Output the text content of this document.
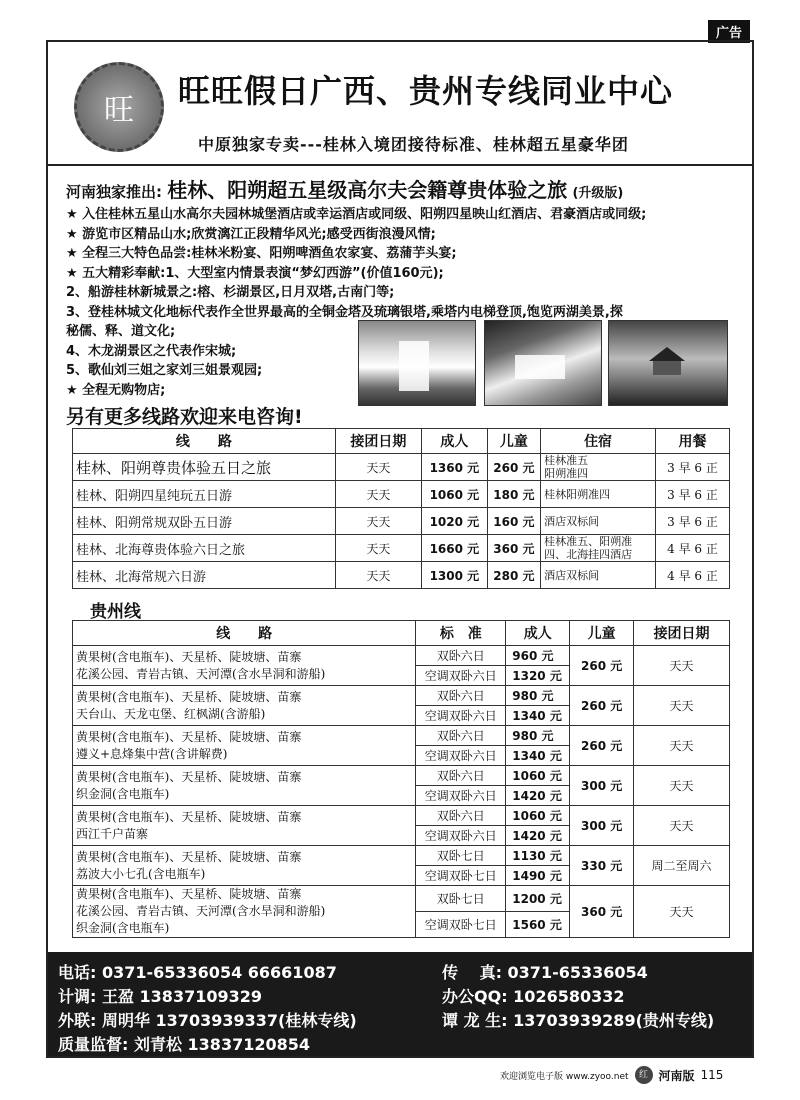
广告
旺
旺旺假日广西、贵州专线同业中心
中原独家专卖---桂林入境团接待标准、桂林超五星豪华团
河南独家推出: 桂林、阳朔超五星级高尔夫会籍尊贵体验之旅 (升级版)
★ 入住桂林五星山水高尔夫园林城堡酒店或幸运酒店或同级、阳朔四星映山红酒店、君豪酒店或同级;
★ 游览市区精品山水;欣赏漓江正段精华风光;感受西街浪漫风情;
★ 全程三大特色品尝:桂林米粉宴、阳朔啤酒鱼农家宴、荔蒲芋头宴;
★ 五大精彩奉献:1、大型室内情景表演“梦幻西游”(价值160元);
2、船游桂林新城景之:榕、杉湖景区,日月双塔,古南门等;
3、登桂林城文化地标代表作全世界最高的全铜金塔及琉璃银塔,乘塔内电梯登顶,饱览两湖美景,探
秘儒、释、道文化;
4、木龙湖景区之代表作宋城;
5、歌仙刘三姐之家刘三姐景观园;
★ 全程无购物店;
另有更多线路欢迎来电咨询!
线　　路	接团日期	成人	儿童	住宿	用餐
桂林、阳朔尊贵体验五日之旅	天天	1360 元	260 元	桂林准五
阳朔准四	3 早 6 正
桂林、阳朔四星纯玩五日游	天天	1060 元	180 元	桂林阳朔准四	3 早 6 正
桂林、阳朔常规双卧五日游	天天	1020 元	160 元	酒店双标间	3 早 6 正
桂林、北海尊贵体验六日之旅	天天	1660 元	360 元	桂林准五、阳朔准四、北海挂四酒店	4 早 6 正
桂林、北海常规六日游	天天	1300 元	280 元	酒店双标间	4 早 6 正
贵州线
线　　路	标　准	成人	儿童	接团日期

黄果树(含电瓶车)、天星桥、陡坡塘、苗寨
花溪公园、青岩古镇、天河潭(含水旱洞和游船)	双卧六日	960 元	260 元	天天
	空调双卧六日	1320 元		

黄果树(含电瓶车)、天星桥、陡坡塘、苗寨
天台山、天龙屯堡、红枫湖(含游船)	双卧六日	980 元	260 元	天天
	空调双卧六日	1340 元		

黄果树(含电瓶车)、天星桥、陡坡塘、苗寨
遵义+息烽集中营(含讲解费)	双卧六日	980 元	260 元	天天
	空调双卧六日	1340 元		

黄果树(含电瓶车)、天星桥、陡坡塘、苗寨
织金洞(含电瓶车)	双卧六日	1060 元	300 元	天天
	空调双卧六日	1420 元		

黄果树(含电瓶车)、天星桥、陡坡塘、苗寨
西江千户苗寨	双卧六日	1060 元	300 元	天天
	空调双卧六日	1420 元		

黄果树(含电瓶车)、天星桥、陡坡塘、苗寨
荔波大小七孔(含电瓶车)	双卧七日	1130 元	330 元	周二至周六
	空调双卧七日	1490 元		

黄果树(含电瓶车)、天星桥、陡坡塘、苗寨
花溪公园、青岩古镇、天河潭(含水旱洞和游船)
织金洞(含电瓶车)	双卧七日	1200 元	360 元	天天
	空调双卧七日	1560 元		
电话: 0371-65336054 66661087	传　 真: 0371-65336054
计调: 王盈 13837109329	办公QQ: 1026580332
外联: 周明华 13703939337(桂林专线)	谭 龙 生: 13703939289(贵州专线)
质量监督: 刘青松 13837120854
欢迎浏览电子版 www.zyoo.net	红 河南版 115
